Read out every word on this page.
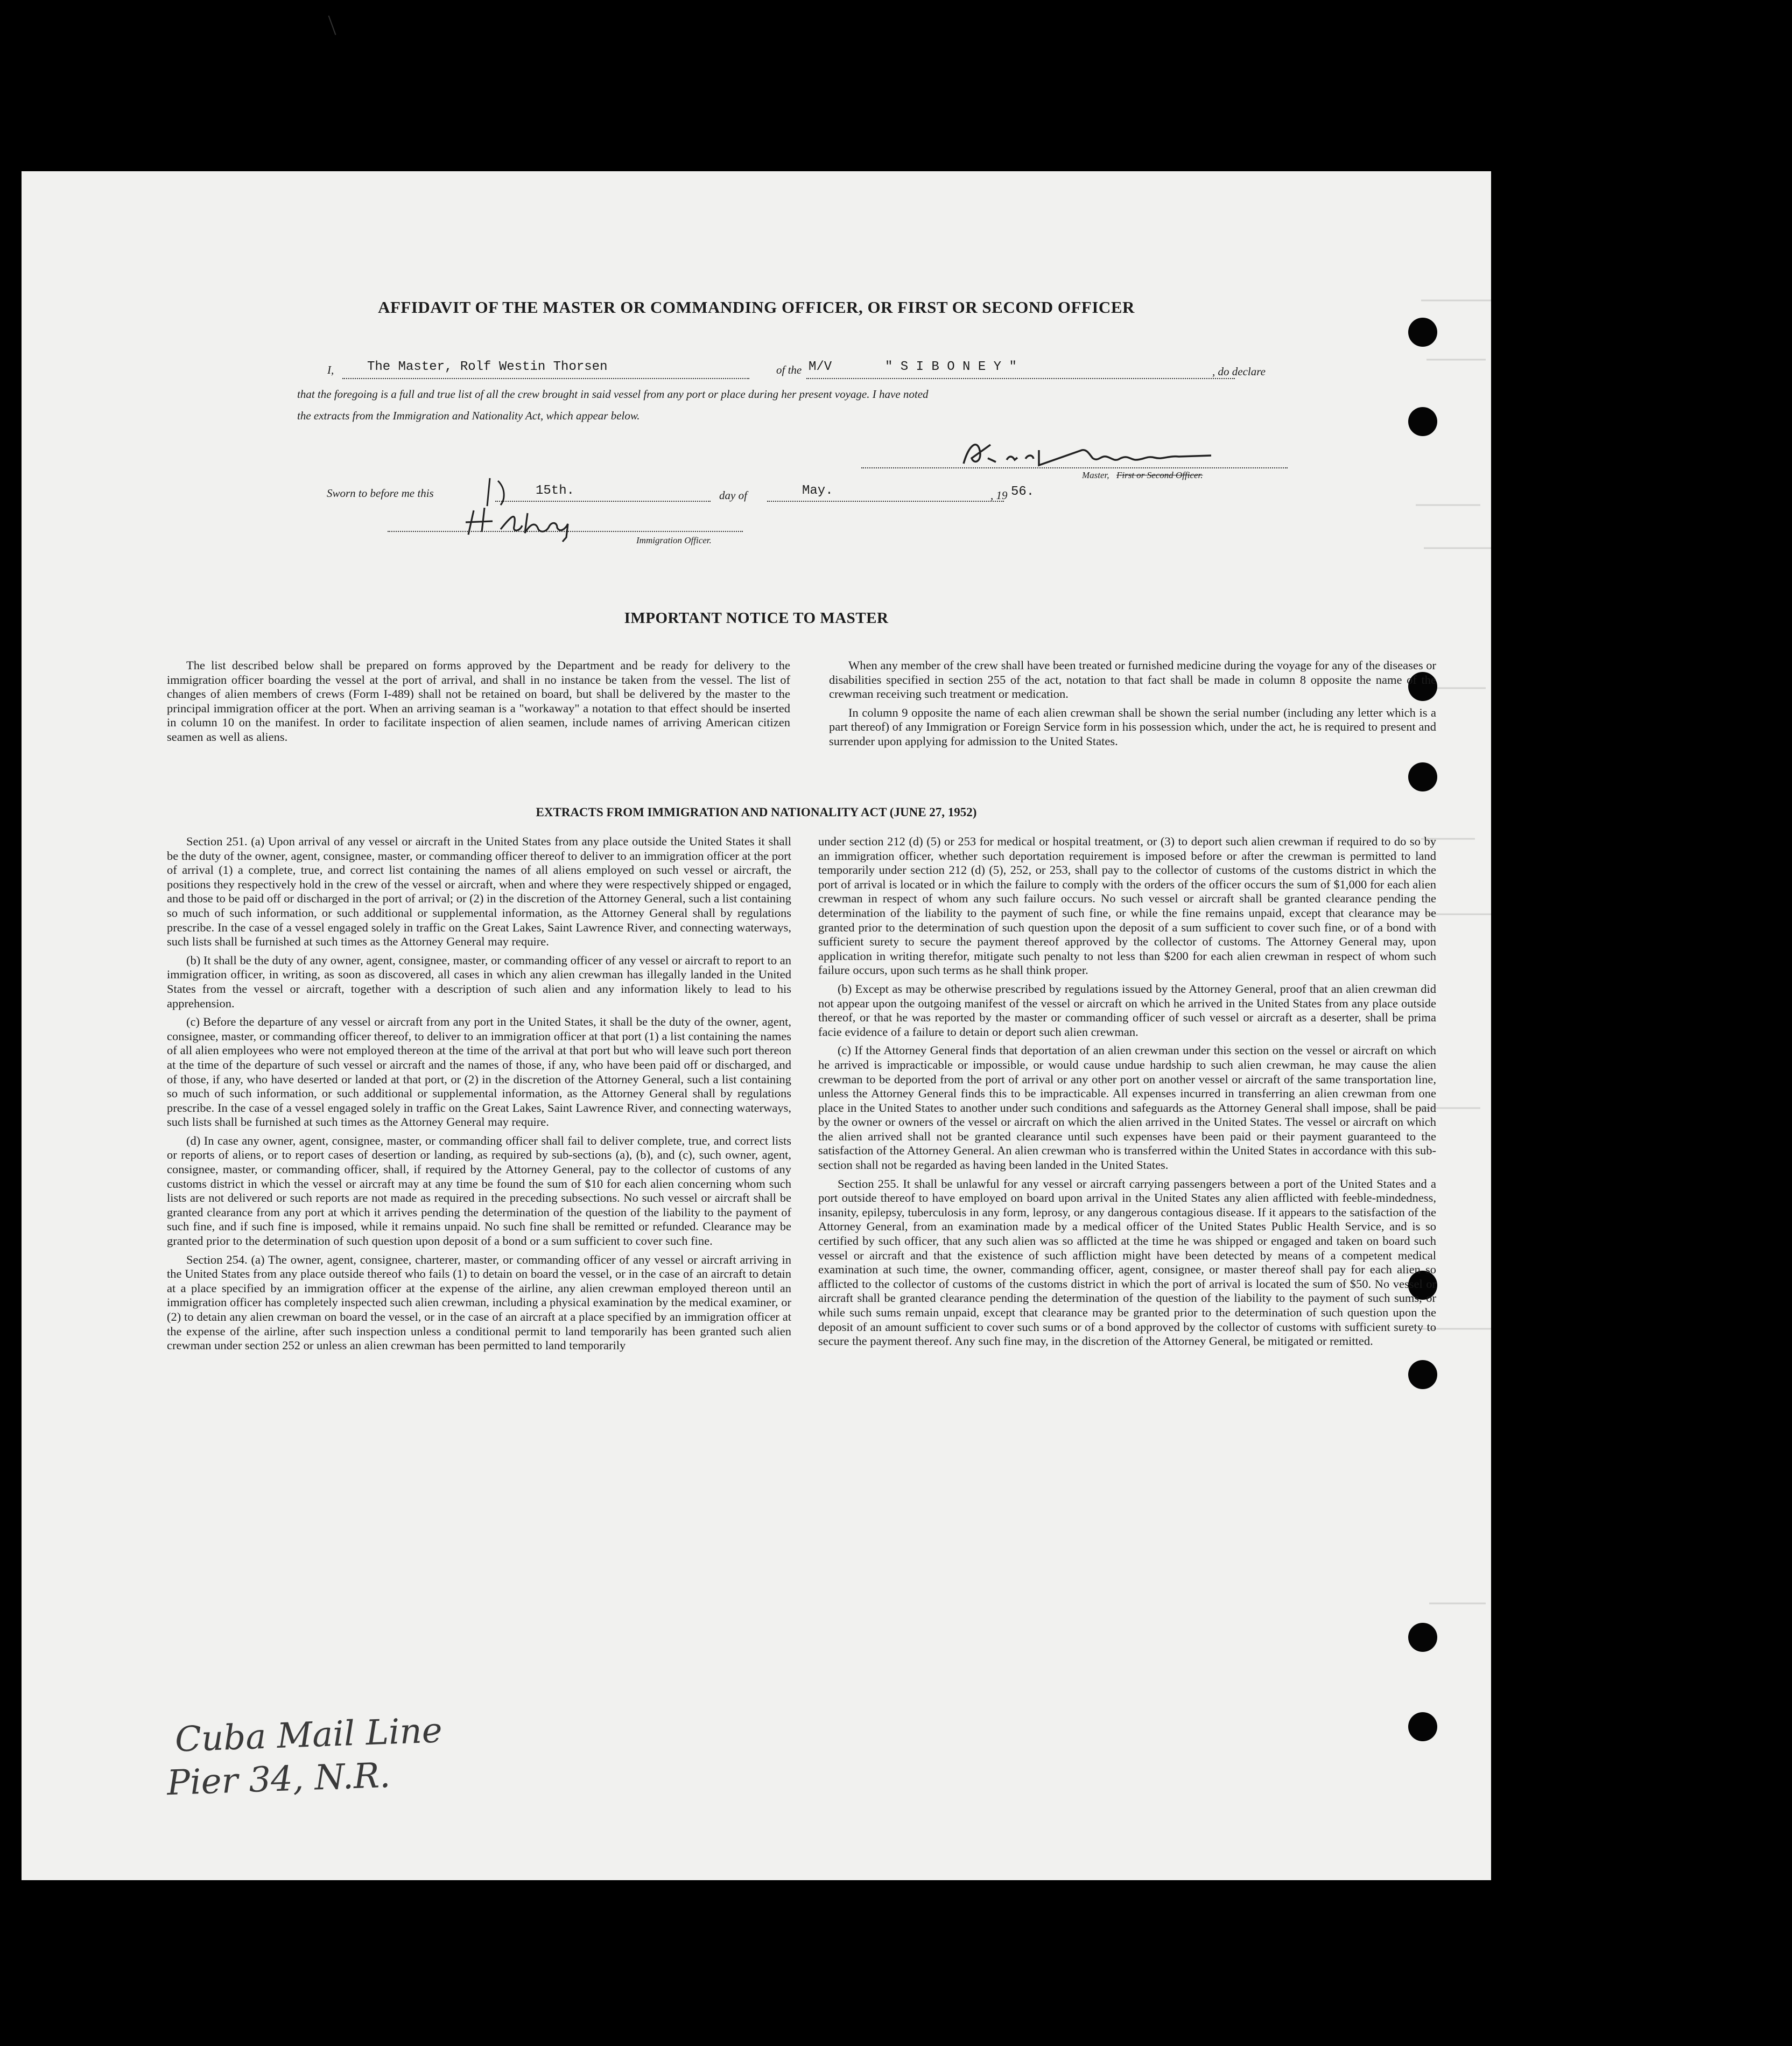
AFFIDAVIT OF THE MASTER OR COMMANDING OFFICER, OR FIRST OR SECOND OFFICER
I,	The Master, Rolf Westin Thorsen	of the M/V	" S I B O N E Y "	, do declare
that the foregoing is a full and true list of all the crew brought in said vessel from any port or place during her present voyage. I have noted
the extracts from the Immigration and Nationality Act, which appear below.
Master, First or Second Officer.
Sworn to before me this	15th.	day of	May.	, 19 56.
Immigration Officer.
IMPORTANT NOTICE TO MASTER

The list described below shall be prepared on forms approved by the Department and be ready for delivery to the immigration officer boarding the vessel at the port of arrival, and shall in no instance be taken from the vessel. The list of changes of alien members of crews (Form I-489) shall not be retained on board, but shall be delivered by the master to the principal immigration officer at the port. When an arriving seaman is a "workaway" a notation to that effect should be inserted in column 10 on the manifest. In order to facilitate inspection of alien seamen, include names of arriving American citizen seamen as well as aliens.

When any member of the crew shall have been treated or furnished medicine during the voyage for any of the diseases or disabilities specified in section 255 of the act, notation to that fact shall be made in column 8 opposite the name of the crewman receiving such treatment or medication.

In column 9 opposite the name of each alien crewman shall be shown the serial number (including any letter which is a part thereof) of any Immigration or Foreign Service form in his possession which, under the act, he is required to present and surrender upon applying for admission to the United States.

EXTRACTS FROM IMMIGRATION AND NATIONALITY ACT (JUNE 27, 1952)

Section 251. (a) Upon arrival of any vessel or aircraft in the United States from any place outside the United States it shall be the duty of the owner, agent, consignee, master, or commanding officer thereof to deliver to an immigration officer at the port of arrival (1) a complete, true, and correct list containing the names of all aliens employed on such vessel or aircraft, the positions they respectively hold in the crew of the vessel or aircraft, when and where they were respectively shipped or engaged, and those to be paid off or discharged in the port of arrival; or (2) in the discretion of the Attorney General, such a list containing so much of such information, or such additional or supplemental information, as the Attorney General shall by regulations prescribe. In the case of a vessel engaged solely in traffic on the Great Lakes, Saint Lawrence River, and connecting waterways, such lists shall be furnished at such times as the Attorney General may require.

(b) It shall be the duty of any owner, agent, consignee, master, or commanding officer of any vessel or aircraft to report to an immigration officer, in writing, as soon as discovered, all cases in which any alien crewman has illegally landed in the United States from the vessel or aircraft, together with a description of such alien and any information likely to lead to his apprehension.

(c) Before the departure of any vessel or aircraft from any port in the United States, it shall be the duty of the owner, agent, consignee, master, or commanding officer thereof, to deliver to an immigration officer at that port (1) a list containing the names of all alien employees who were not employed thereon at the time of the arrival at that port but who will leave such port thereon at the time of the departure of such vessel or aircraft and the names of those, if any, who have been paid off or discharged, and of those, if any, who have deserted or landed at that port, or (2) in the discretion of the Attorney General, such a list containing so much of such information, or such additional or supplemental information, as the Attorney General shall by regulations prescribe. In the case of a vessel engaged solely in traffic on the Great Lakes, Saint Lawrence River, and connecting waterways, such lists shall be furnished at such times as the Attorney General may require.

(d) In case any owner, agent, consignee, master, or commanding officer shall fail to deliver complete, true, and correct lists or reports of aliens, or to report cases of desertion or landing, as required by sub-sections (a), (b), and (c), such owner, agent, consignee, master, or commanding officer, shall, if required by the Attorney General, pay to the collector of customs of any customs district in which the vessel or aircraft may at any time be found the sum of $10 for each alien concerning whom such lists are not delivered or such reports are not made as required in the preceding subsections. No such vessel or aircraft shall be granted clearance from any port at which it arrives pending the determination of the question of the liability to the payment of such fine, and if such fine is imposed, while it remains unpaid. No such fine shall be remitted or refunded. Clearance may be granted prior to the determination of such question upon deposit of a bond or a sum sufficient to cover such fine.

Section 254. (a) The owner, agent, consignee, charterer, master, or commanding officer of any vessel or aircraft arriving in the United States from any place outside thereof who fails (1) to detain on board the vessel, or in the case of an aircraft to detain at a place specified by an immigration officer at the expense of the airline, any alien crewman employed thereon until an immigration officer has completely inspected such alien crewman, including a physical examination by the medical examiner, or (2) to detain any alien crewman on board the vessel, or in the case of an aircraft at a place specified by an immigration officer at the expense of the airline, after such inspection unless a conditional permit to land temporarily has been granted such alien crewman under section 252 or unless an alien crewman has been permitted to land temporarily

under section 212 (d) (5) or 253 for medical or hospital treatment, or (3) to deport such alien crewman if required to do so by an immigration officer, whether such deportation requirement is imposed before or after the crewman is permitted to land temporarily under section 212 (d) (5), 252, or 253, shall pay to the collector of customs of the customs district in which the port of arrival is located or in which the failure to comply with the orders of the officer occurs the sum of $1,000 for each alien crewman in respect of whom any such failure occurs. No such vessel or aircraft shall be granted clearance pending the determination of the liability to the payment of such fine, or while the fine remains unpaid, except that clearance may be granted prior to the determination of such question upon the deposit of a sum sufficient to cover such fine, or of a bond with sufficient surety to secure the payment thereof approved by the collector of customs. The Attorney General may, upon application in writing therefor, mitigate such penalty to not less than $200 for each alien crewman in respect of whom such failure occurs, upon such terms as he shall think proper.

(b) Except as may be otherwise prescribed by regulations issued by the Attorney General, proof that an alien crewman did not appear upon the outgoing manifest of the vessel or aircraft on which he arrived in the United States from any place outside thereof, or that he was reported by the master or commanding officer of such vessel or aircraft as a deserter, shall be prima facie evidence of a failure to detain or deport such alien crewman.

(c) If the Attorney General finds that deportation of an alien crewman under this section on the vessel or aircraft on which he arrived is impracticable or impossible, or would cause undue hardship to such alien crewman, he may cause the alien crewman to be deported from the port of arrival or any other port on another vessel or aircraft of the same transportation line, unless the Attorney General finds this to be impracticable. All expenses incurred in transferring an alien crewman from one place in the United States to another under such conditions and safeguards as the Attorney General shall impose, shall be paid by the owner or owners of the vessel or aircraft on which the alien arrived in the United States. The vessel or aircraft on which the alien arrived shall not be granted clearance until such expenses have been paid or their payment guaranteed to the satisfaction of the Attorney General. An alien crewman who is transferred within the United States in accordance with this sub-section shall not be regarded as having been landed in the United States.

Section 255. It shall be unlawful for any vessel or aircraft carrying passengers between a port of the United States and a port outside thereof to have employed on board upon arrival in the United States any alien afflicted with feeble-mindedness, insanity, epilepsy, tuberculosis in any form, leprosy, or any dangerous contagious disease. If it appears to the satisfaction of the Attorney General, from an examination made by a medical officer of the United States Public Health Service, and is so certified by such officer, that any such alien was so afflicted at the time he was shipped or engaged and taken on board such vessel or aircraft and that the existence of such affliction might have been detected by means of a competent medical examination at such time, the owner, commanding officer, agent, consignee, or master thereof shall pay for each alien so afflicted to the collector of customs of the customs district in which the port of arrival is located the sum of $50. No vessel or aircraft shall be granted clearance pending the determination of the question of the liability to the payment of such sums, or while such sums remain unpaid, except that clearance may be granted prior to the determination of such question upon the deposit of an amount sufficient to cover such sums or of a bond approved by the collector of customs with sufficient surety to secure the payment thereof. Any such fine may, in the discretion of the Attorney General, be mitigated or remitted.

Cuba Mail Line
Pier 34, N.R.
